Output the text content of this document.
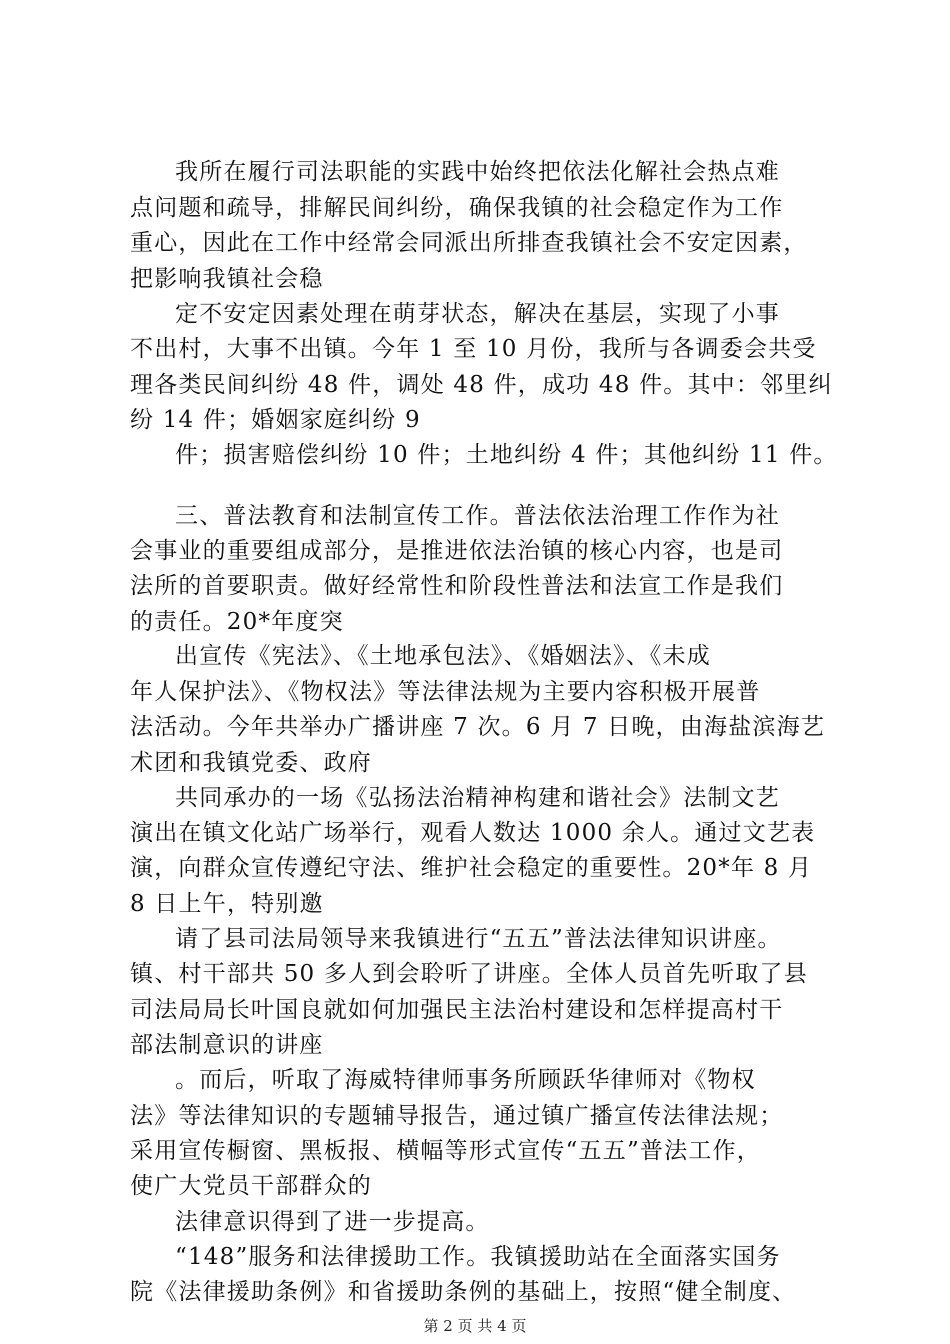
我所在履行司法职能的实践中始终把依法化解社会热点难
点问题和疏导，排解民间纠纷，确保我镇的社会稳定作为工作
重心，因此在工作中经常会同派出所排查我镇社会不安定因素，
把影响我镇社会稳
定不安定因素处理在萌芽状态，解决在基层，实现了小事
不出村，大事不出镇。今年 1 至 10 月份，我所与各调委会共受
理各类民间纠纷 48 件，调处 48 件，成功 48 件。其中：邻里纠
纷 14 件；婚姻家庭纠纷 9
件；损害赔偿纠纷 10 件；土地纠纷 4 件；其他纠纷 11 件。
三、普法教育和法制宣传工作。普法依法治理工作作为社
会事业的重要组成部分，是推进依法治镇的核心内容，也是司
法所的首要职责。做好经常性和阶段性普法和法宣工作是我们
的责任。20*年度突
出宣传《宪法》、《土地承包法》、《婚姻法》、《未成
年人保护法》、《物权法》等法律法规为主要内容积极开展普
法活动。今年共举办广播讲座 7 次。6 月 7 日晚，由海盐滨海艺
术团和我镇党委、政府
共同承办的一场《弘扬法治精神构建和谐社会》法制文艺
演出在镇文化站广场举行，观看人数达 1000 余人。通过文艺表
演，向群众宣传遵纪守法、维护社会稳定的重要性。20*年 8 月
8 日上午，特别邀
请了县司法局领导来我镇进行“五五”普法法律知识讲座。
镇、村干部共 50 多人到会聆听了讲座。全体人员首先听取了县
司法局局长叶国良就如何加强民主法治村建设和怎样提高村干
部法制意识的讲座
。而后，听取了海威特律师事务所顾跃华律师对《物权
法》等法律知识的专题辅导报告，通过镇广播宣传法律法规；
采用宣传橱窗、黑板报、横幅等形式宣传“五五”普法工作，
使广大党员干部群众的
法律意识得到了进一步提高。
“148”服务和法律援助工作。我镇援助站在全面落实国务
院《法律援助条例》和省援助条例的基础上，按照“健全制度、
第 2 页 共 4 页
